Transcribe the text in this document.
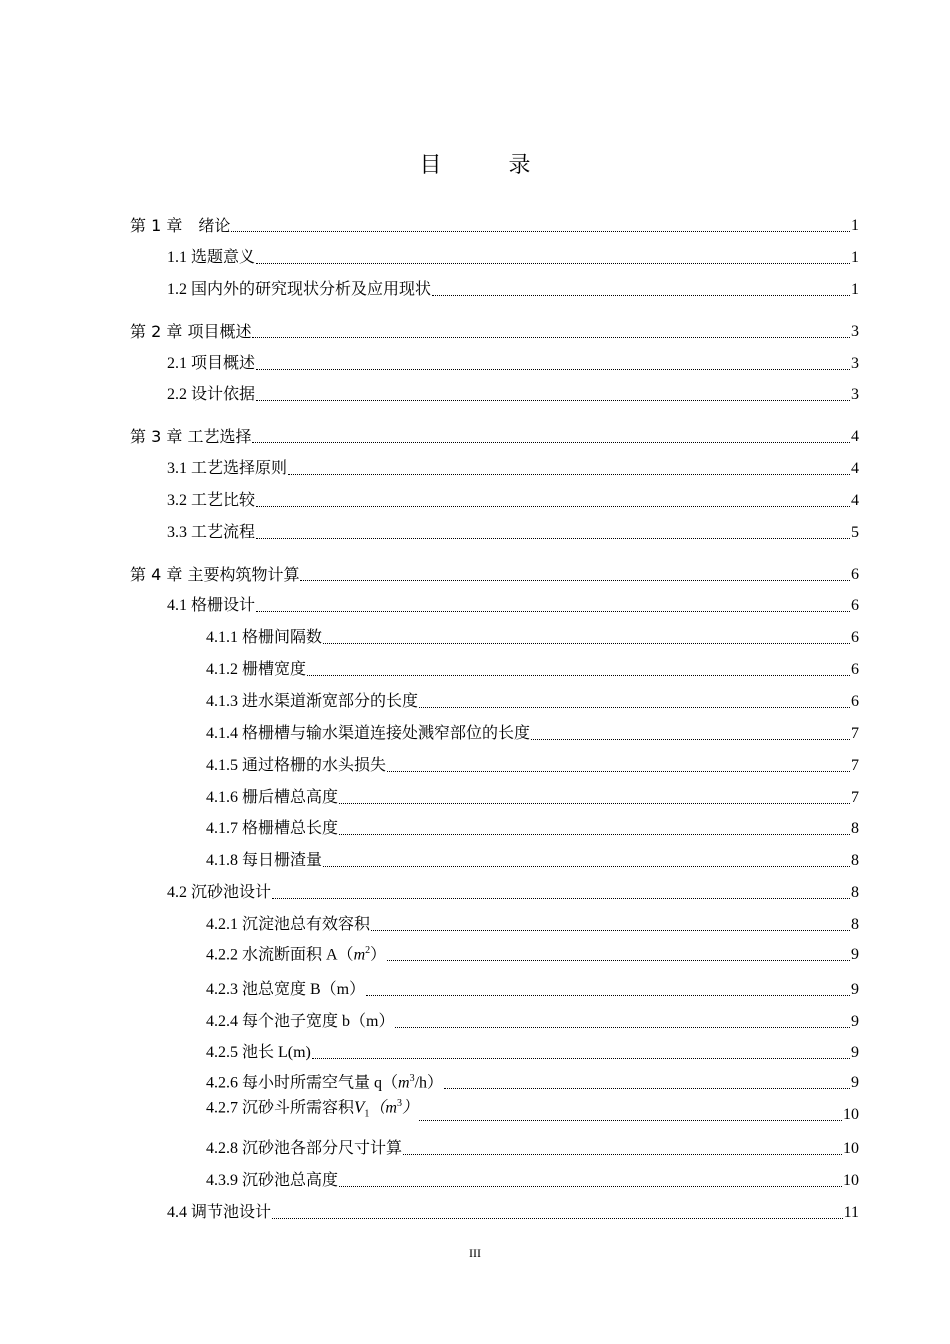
目 录
第 1 章　绪论	1
1.1 选题意义	1
1.2 国内外的研究现状分析及应用现状	1
第 2 章 项目概述	3
2.1 项目概述	3
2.2 设计依据	3
第 3 章 工艺选择	4
3.1 工艺选择原则	4
3.2 工艺比较	4
3.3 工艺流程	5
第 4 章 主要构筑物计算	6
4.1 格栅设计	6
4.1.1 格栅间隔数	6
4.1.2 栅槽宽度	6
4.1.3 进水渠道渐宽部分的长度	6
4.1.4 格栅槽与输水渠道连接处溅窄部位的长度	7
4.1.5 通过格栅的水头损失	7
4.1.6 栅后槽总高度	7
4.1.7 格栅槽总长度	8
4.1.8 每日栅渣量	8
4.2 沉砂池设计	8
4.2.1 沉淀池总有效容积	8
4.2.2 水流断面积 $A(m^2)$	9
4.2.3 池总宽度 B（m）	9
4.2.4 每个池子宽度 b（m）	9
4.2.5 池长 L(m)	9
4.2.6 每小时所需空气量 $q(m^3/h)$	9
4.2.7 沉砂斗所需容积$V_1(m^3)$	10
4.2.8 沉砂池各部分尺寸计算	10
4.3.9 沉砂池总高度	10
4.4 调节池设计	11
III
